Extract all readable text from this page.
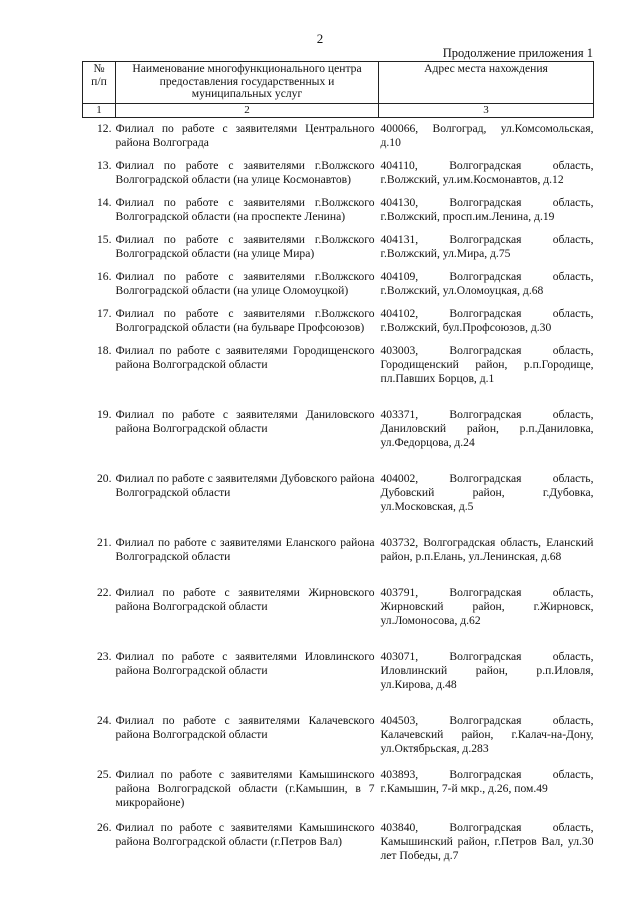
2
Продолжение приложения 1
№ п/п	Наименование многофункционального центра предоставления государственных и муниципальных услуг	Адрес места нахождения
1	2	3
12.	Филиал по работе с заявителями Центрального района Волгограда	400066, Волгоград, ул.Комсомольская, д.10
13.	Филиал по работе с заявителями г.Волжского Волгоградской области (на улице Космонавтов)	404110, Волгоградская область, г.Волжский, ул.им.Космонавтов, д.12
14.	Филиал по работе с заявителями г.Волжского Волгоградской области (на проспекте Ленина)	404130, Волгоградская область, г.Волжский, просп.им.Ленина, д.19
15.	Филиал по работе с заявителями г.Волжского Волгоградской области (на улице Мира)	404131, Волгоградская область, г.Волжский, ул.Мира, д.75
16.	Филиал по работе с заявителями г.Волжского Волгоградской области (на улице Оломоуцкой)	404109, Волгоградская область, г.Волжский, ул.Оломоуцкая, д.68
17.	Филиал по работе с заявителями г.Волжского Волгоградской области (на бульваре Профсоюзов)	404102, Волгоградская область, г.Волжский, бул.Профсоюзов, д.30
18.	Филиал по работе с заявителями Городищенского района Волгоградской области	403003, Волгоградская область, Городищенский район, р.п.Городище, пл.Павших Борцов, д.1
19.	Филиал по работе с заявителями Даниловского района Волгоградской области	403371, Волгоградская область, Даниловский район, р.п.Даниловка, ул.Федорцова, д.24
20.	Филиал по работе с заявителями Дубовского района Волгоградской области	404002, Волгоградская область, Дубовский район, г.Дубовка, ул.Московская, д.5
21.	Филиал по работе с заявителями Еланского района Волгоградской области	403732, Волгоградская область, Еланский район, р.п.Елань, ул.Ленинская, д.68
22.	Филиал по работе с заявителями Жирновского района Волгоградской области	403791, Волгоградская область, Жирновский район, г.Жирновск, ул.Ломоносова, д.62
23.	Филиал по работе с заявителями Иловлинского района Волгоградской области	403071, Волгоградская область, Иловлинский район, р.п.Иловля, ул.Кирова, д.48
24.	Филиал по работе с заявителями Калачевского района Волгоградской области	404503, Волгоградская область, Калачевский район, г.Калач-на-Дону, ул.Октябрьская, д.283
25.	Филиал по работе с заявителями Камышинского района Волгоградской области (г.Камышин, в 7 микрорайоне)	403893, Волгоградская область, г.Камышин, 7-й мкр., д.26, пом.49
26.	Филиал по работе с заявителями Камышинского района Волгоградской области (г.Петров Вал)	403840, Волгоградская область, Камышинский район, г.Петров Вал, ул.30 лет Победы, д.7
